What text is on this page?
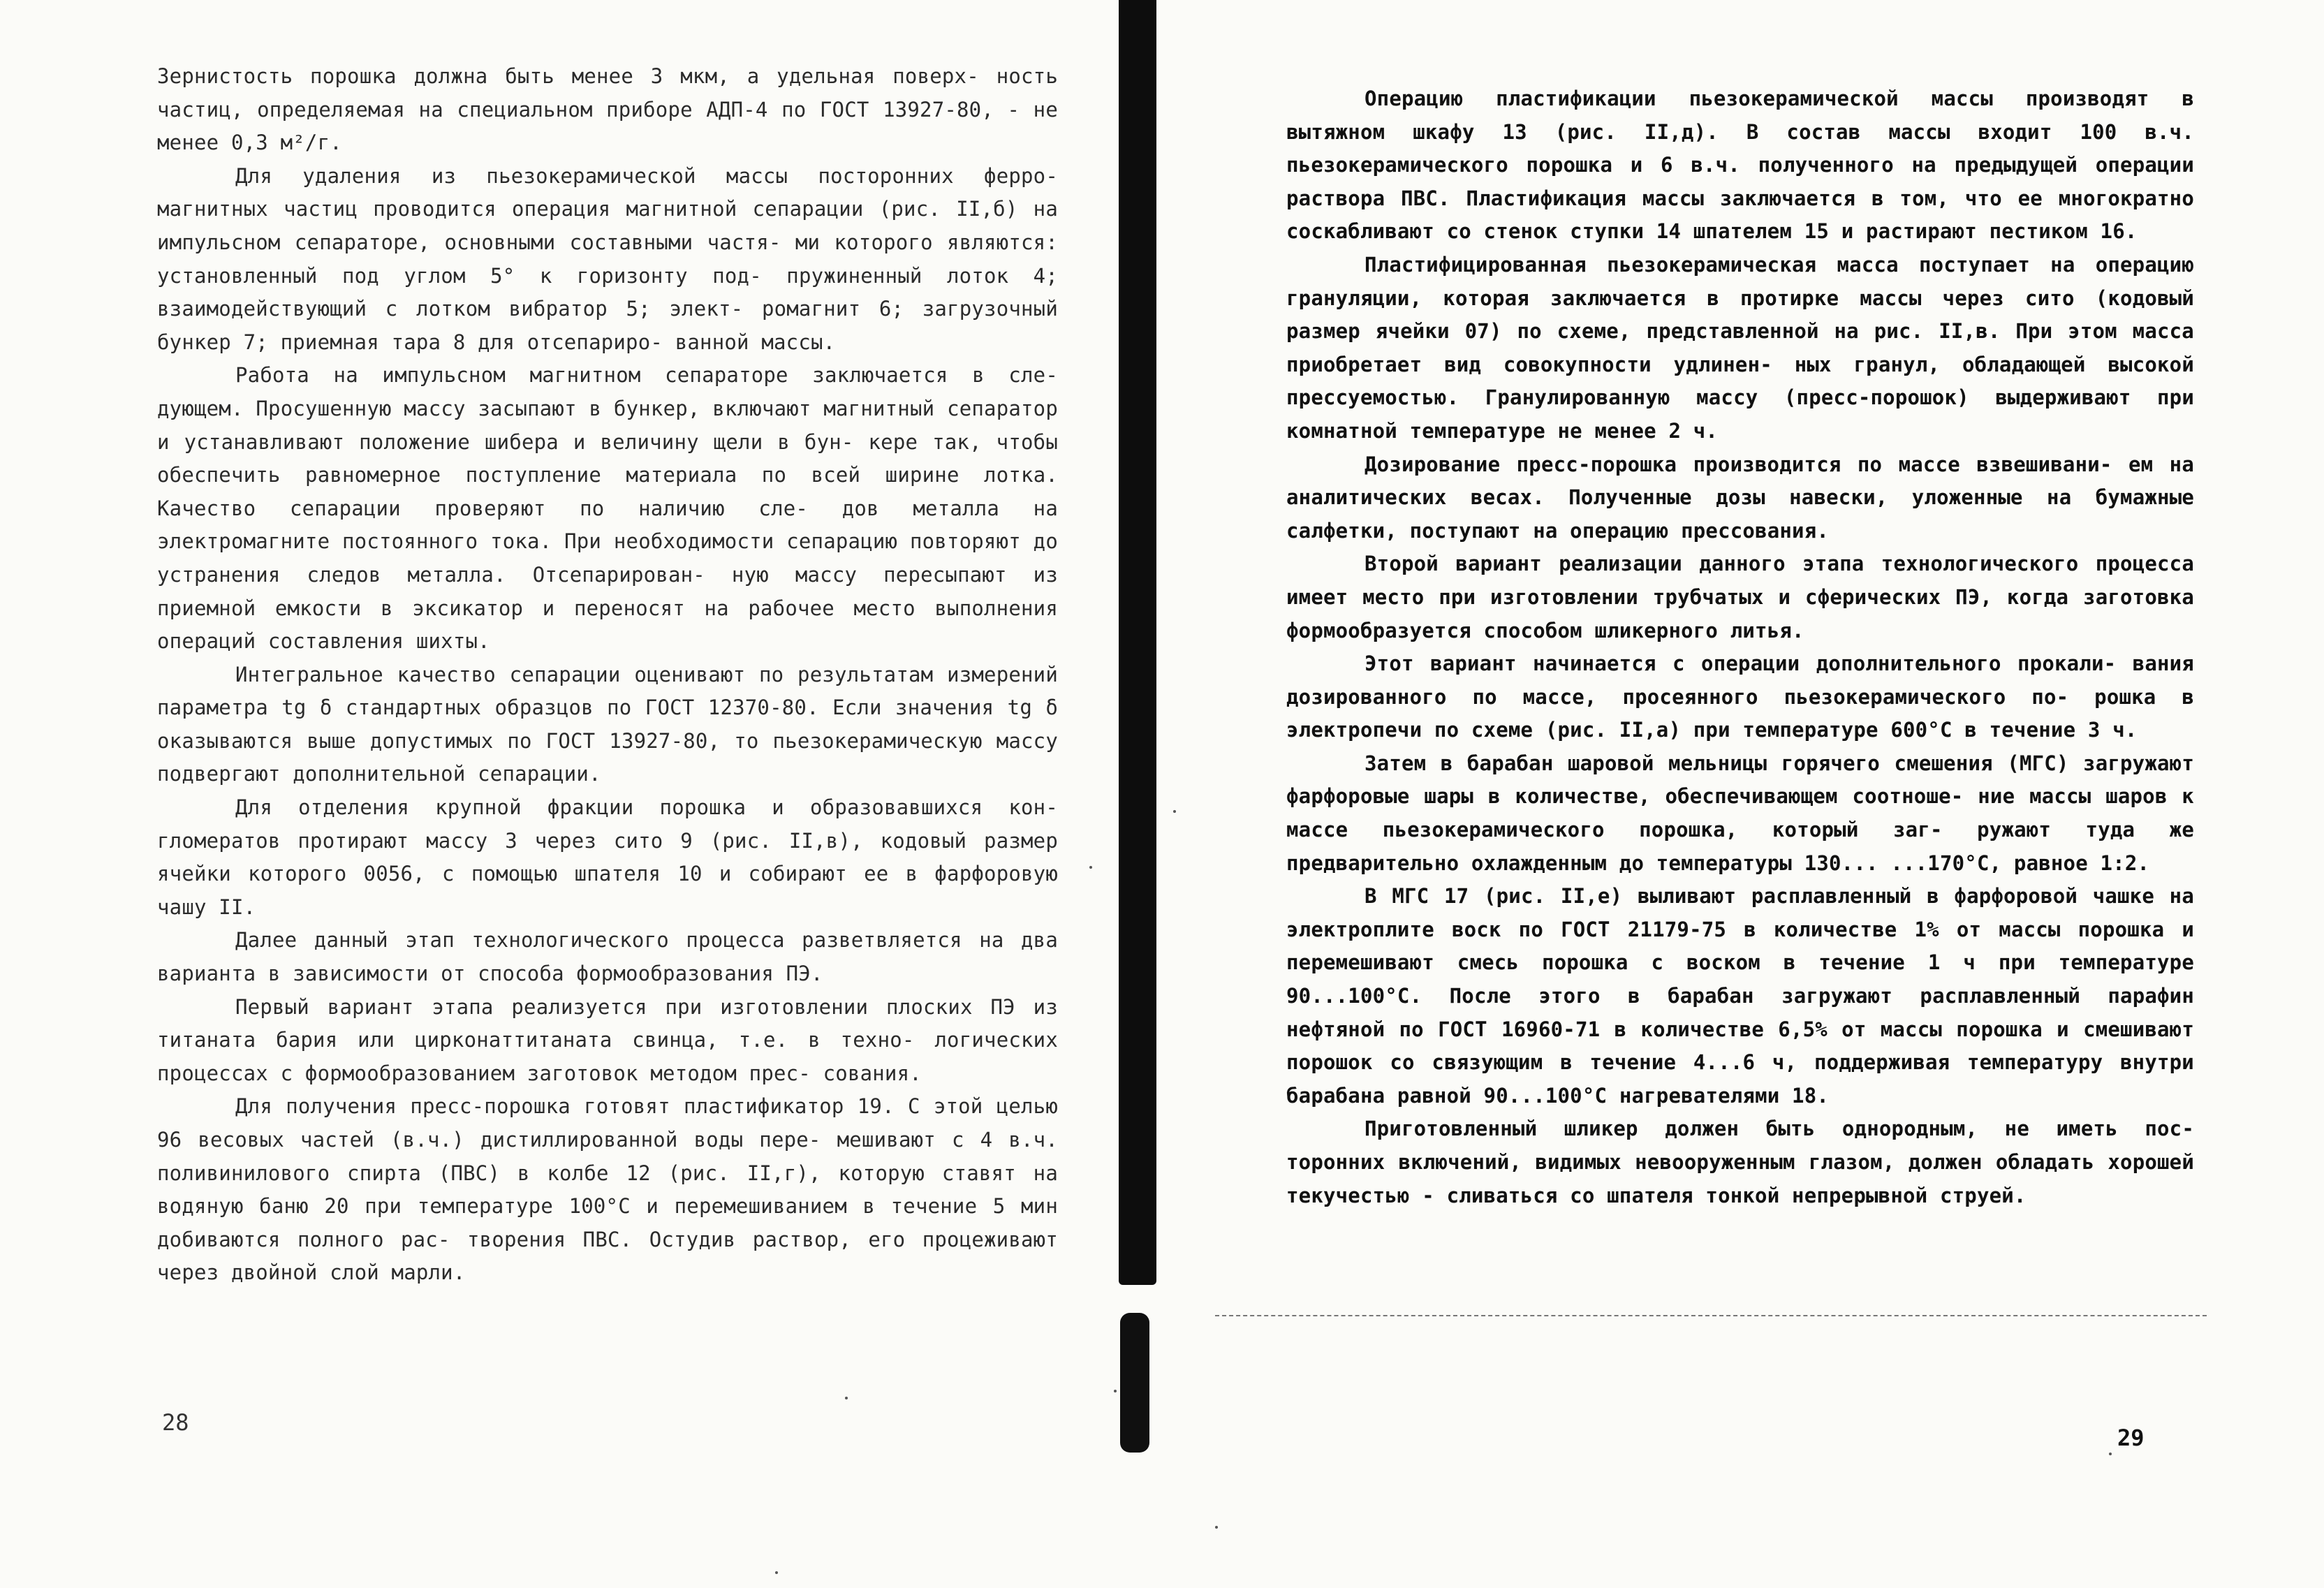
Зернистость порошка должна быть менее 3 мкм, а удельная поверх- ность частиц, определяемая на специальном приборе АДП-4 по ГОСТ 13927-80, - не менее 0,3 м²/г.

Для удаления из пьезокерамической массы посторонних ферро- магнитных частиц проводится операция магнитной сепарации (рис. II,б) на импульсном сепараторе, основными составными частя- ми которого являются: установленный под углом 5° к горизонту под- пружиненный лоток 4; взаимодействующий с лотком вибратор 5; элект- ромагнит 6; загрузочный бункер 7; приемная тара 8 для отсепариро- ванной массы.

Работа на импульсном магнитном сепараторе заключается в сле- дующем. Просушенную массу засыпают в бункер, включают магнитный сепаратор и устанавливают положение шибера и величину щели в бун- кере так, чтобы обеспечить равномерное поступление материала по всей ширине лотка. Качество сепарации проверяют по наличию сле- дов металла на электромагните постоянного тока. При необходимости сепарацию повторяют до устранения следов металла. Отсепарирован- ную массу пересыпают из приемной емкости в эксикатор и переносят на рабочее место выполнения операций составления шихты.

Интегральное качество сепарации оценивают по результатам измерений параметра tg δ стандартных образцов по ГОСТ 12370-80. Если значения tg δ оказываются выше допустимых по ГОСТ 13927-80, то пьезокерамическую массу подвергают дополнительной сепарации.

Для отделения крупной фракции порошка и образовавшихся кон- гломератов протирают массу 3 через сито 9 (рис. II,в), кодовый размер ячейки которого 0056, с помощью шпателя 10 и собирают ее в фарфоровую чашу II.

Далее данный этап технологического процесса разветвляется на два варианта в зависимости от способа формообразования ПЭ.

Первый вариант этапа реализуется при изготовлении плоских ПЭ из титаната бария или цирконаттитаната свинца, т.е. в техно- логических процессах с формообразованием заготовок методом прес- сования.

Для получения пресс-порошка готовят пластификатор 19. С этой целью 96 весовых частей (в.ч.) дистиллированной воды пере- мешивают с 4 в.ч. поливинилового спирта (ПВС) в колбе 12 (рис. II,г), которую ставят на водяную баню 20 при температуре 100°С и перемешиванием в течение 5 мин добиваются полного рас- творения ПВС. Остудив раствор, его процеживают через двойной слой марли.

28

Операцию пластификации пьезокерамической массы производят в вытяжном шкафу 13 (рис. II,д). В состав массы входит 100 в.ч. пьезокерамического порошка и 6 в.ч. полученного на предыдущей операции раствора ПВС. Пластификация массы заключается в том, что ее многократно соскабливают со стенок ступки 14 шпателем 15 и растирают пестиком 16.

Пластифицированная пьезокерамическая масса поступает на операцию грануляции, которая заключается в протирке массы через сито (кодовый размер ячейки 07) по схеме, представленной на рис. II,в. При этом масса приобретает вид совокупности удлинен- ных гранул, обладающей высокой прессуемостью. Гранулированную массу (пресс-порошок) выдерживают при комнатной температуре не менее 2 ч.

Дозирование пресс-порошка производится по массе взвешивани- ем на аналитических весах. Полученные дозы навески, уложенные на бумажные салфетки, поступают на операцию прессования.

Второй вариант реализации данного этапа технологического процесса имеет место при изготовлении трубчатых и сферических ПЭ, когда заготовка формообразуется способом шликерного литья.

Этот вариант начинается с операции дополнительного прокали- вания дозированного по массе, просеянного пьезокерамического по- рошка в электропечи по схеме (рис. II,а) при температуре 600°С в течение 3 ч.

Затем в барабан шаровой мельницы горячего смешения (МГС) загружают фарфоровые шары в количестве, обеспечивающем соотноше- ние массы шаров к массе пьезокерамического порошка, который заг- ружают туда же предварительно охлажденным до температуры 130... ...170°С, равное 1:2.

В МГС 17 (рис. II,е) выливают расплавленный в фарфоровой чашке на электроплите воск по ГОСТ 21179-75 в количестве 1% от массы порошка и перемешивают смесь порошка с воском в течение 1 ч при температуре 90...100°С. После этого в барабан загружают расплавленный парафин нефтяной по ГОСТ 16960-71 в количестве 6,5% от массы порошка и смешивают порошок со связующим в течение 4...6 ч, поддерживая температуру внутри барабана равной 90...100°С нагревателями 18.

Приготовленный шликер должен быть однородным, не иметь пос- торонних включений, видимых невооруженным глазом, должен обладать хорошей текучестью - сливаться со шпателя тонкой непрерывной струей.

29
